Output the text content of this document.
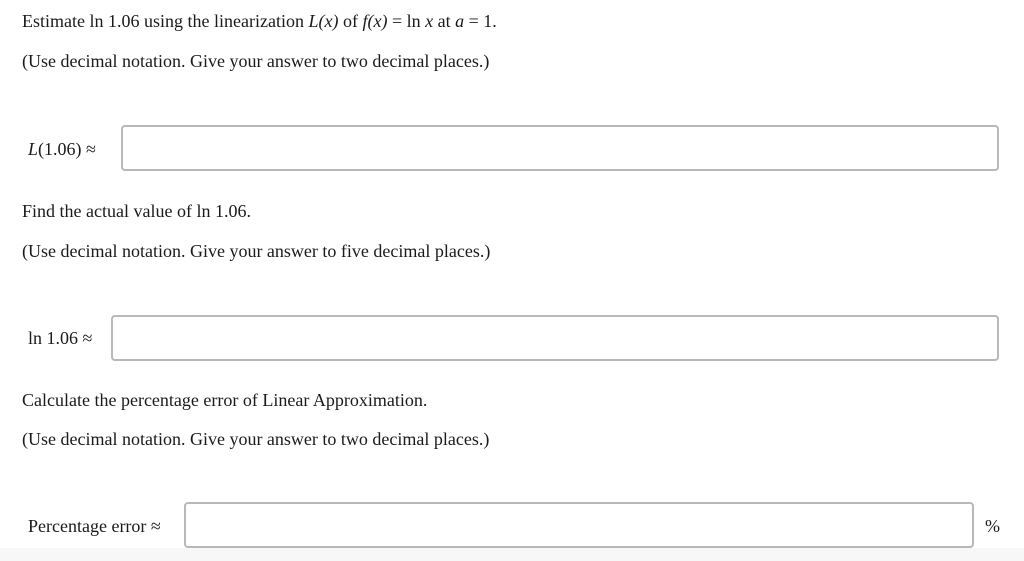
Estimate ln 1.06 using the linearization L(x) of f(x) = ln x at a = 1.
(Use decimal notation. Give your answer to two decimal places.)
L(1.06) ≈
Find the actual value of ln 1.06.
(Use decimal notation. Give your answer to five decimal places.)
ln 1.06 ≈
Calculate the percentage error of Linear Approximation.
(Use decimal notation. Give your answer to two decimal places.)
Percentage error ≈	%
